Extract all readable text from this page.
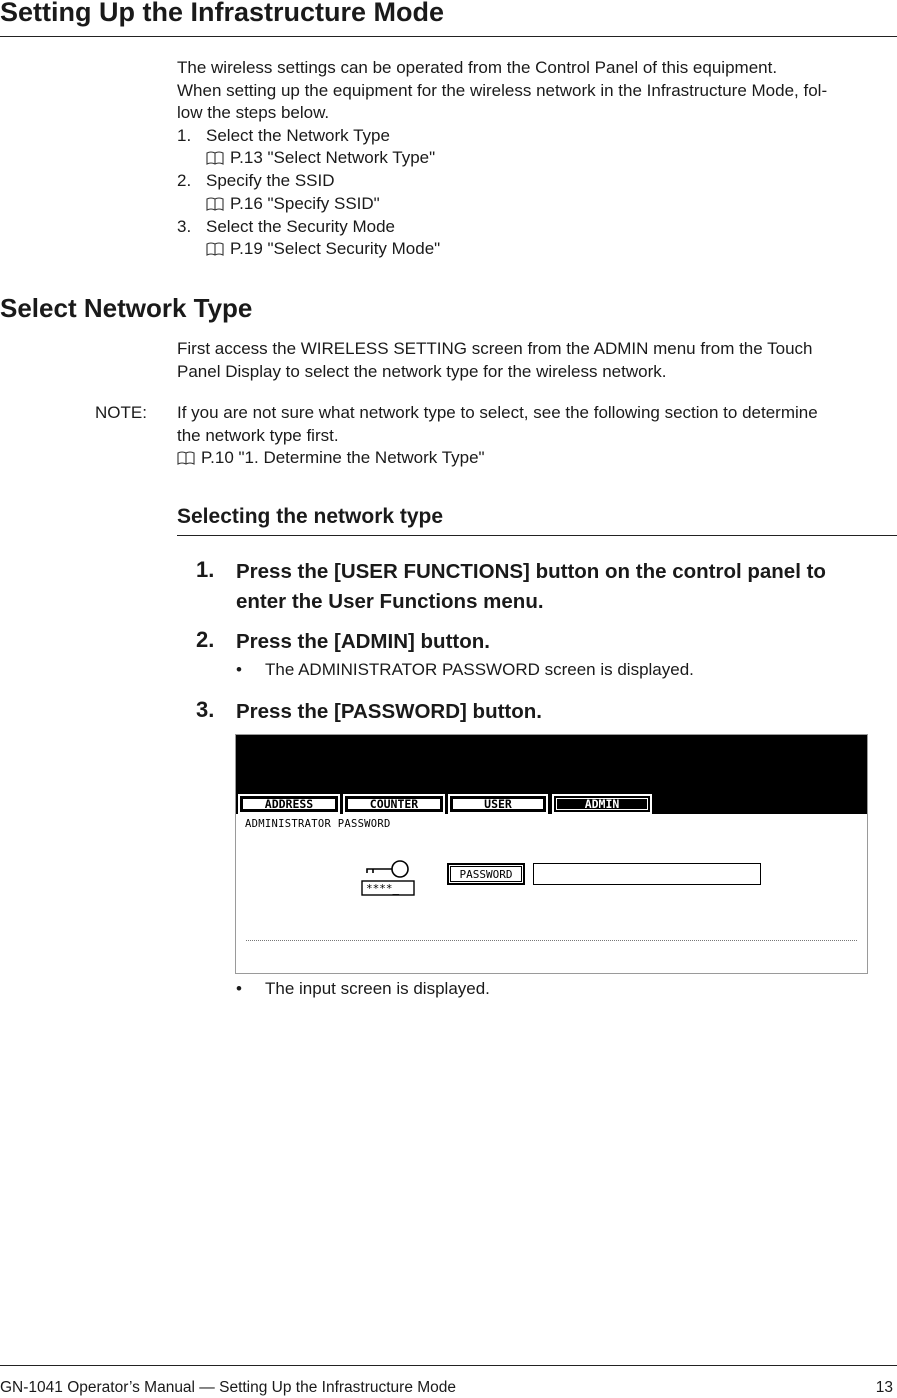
Setting Up the Infrastructure Mode
The wireless settings can be operated from the Control Panel of this equipment.
When setting up the equipment for the wireless network in the Infrastructure Mode, fol-
low the steps below.
1. Select the Network Type
P.13 "Select Network Type"
2. Specify the SSID
P.16 "Specify SSID"
3. Select the Security Mode
P.19 "Select Security Mode"
Select Network Type
First access the WIRELESS SETTING screen from the ADMIN menu from the Touch
Panel Display to select the network type for the wireless network.
NOTE: If you are not sure what network type to select, see the following section to determine
the network type first.
P.10 "1. Determine the Network Type"
Selecting the network type
1. Press the [USER FUNCTIONS] button on the control panel to
enter the User Functions menu.
2. Press the [ADMIN] button.
• The ADMINISTRATOR PASSWORD screen is displayed.
3. Press the [PASSWORD] button.
ADDRESS	COUNTER	USER	ADMIN
ADMINISTRATOR PASSWORD
****_
PASSWORD
• The input screen is displayed.
GN-1041 Operator’s Manual — Setting Up the Infrastructure Mode	13
